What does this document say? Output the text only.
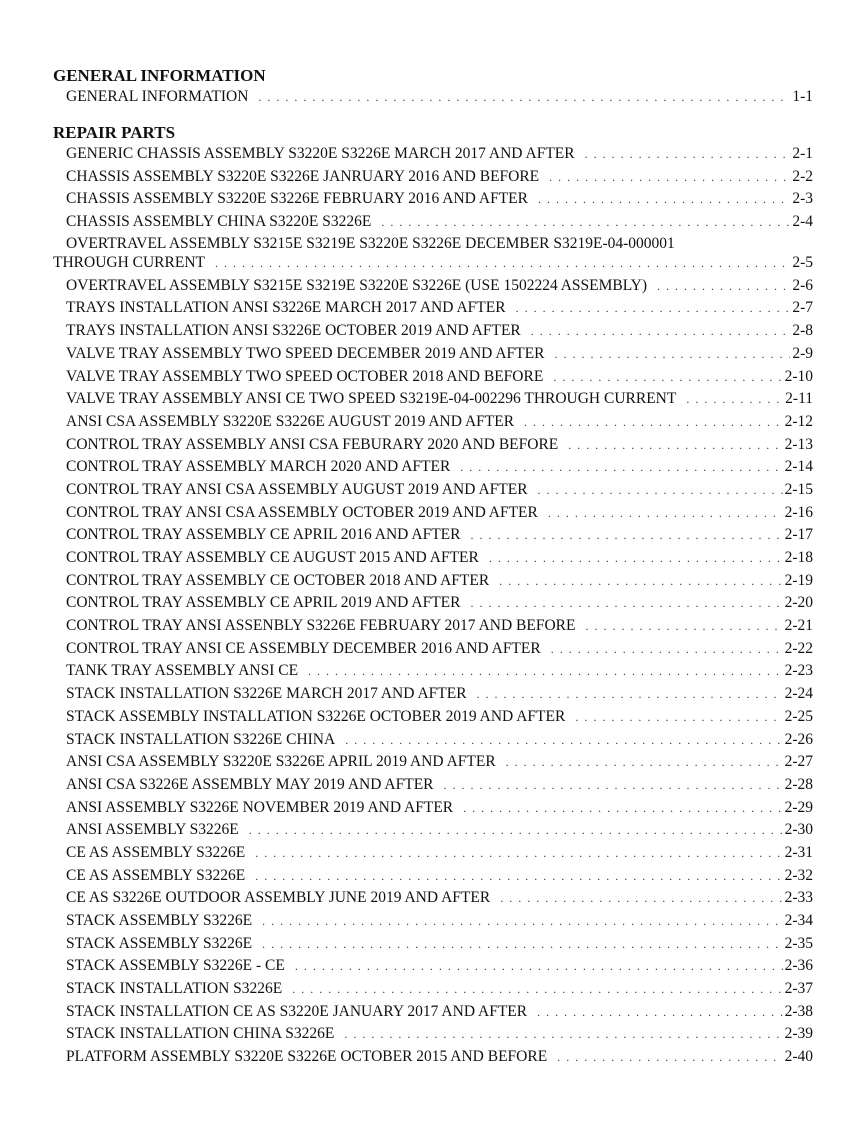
GENERAL INFORMATION
GENERAL INFORMATION . . .	1-1
REPAIR PARTS
GENERIC CHASSIS ASSEMBLY S3220E S3226E MARCH 2017 AND AFTER . . .	2-1
CHASSIS ASSEMBLY S3220E S3226E JANRUARY 2016 AND BEFORE . . .	2-2
CHASSIS ASSEMBLY S3220E S3226E FEBRUARY 2016 AND AFTER . . .	2-3
CHASSIS ASSEMBLY CHINA S3220E S3226E . . .	2-4
OVERTRAVEL ASSEMBLY S3215E S3219E S3220E S3226E DECEMBER S3219E-04-000001
THROUGH CURRENT . . .	2-5
OVERTRAVEL ASSEMBLY S3215E S3219E S3220E S3226E (USE 1502224 ASSEMBLY) . . .	2-6
TRAYS INSTALLATION ANSI S3226E MARCH 2017 AND AFTER . . .	2-7
TRAYS INSTALLATION ANSI S3226E OCTOBER 2019 AND AFTER . . .	2-8
VALVE TRAY ASSEMBLY TWO SPEED DECEMBER 2019 AND AFTER . . .	2-9
VALVE TRAY ASSEMBLY TWO SPEED OCTOBER 2018 AND BEFORE . . .	2-10
VALVE TRAY ASSEMBLY ANSI CE TWO SPEED S3219E-04-002296 THROUGH CURRENT . . .	2-11
ANSI CSA ASSEMBLY S3220E S3226E AUGUST 2019 AND AFTER . . .	2-12
CONTROL TRAY ASSEMBLY ANSI CSA FEBURARY 2020 AND BEFORE . . .	2-13
CONTROL TRAY ASSEMBLY MARCH 2020 AND AFTER . . .	2-14
CONTROL TRAY ANSI CSA ASSEMBLY AUGUST 2019 AND AFTER . . .	2-15
CONTROL TRAY ANSI CSA ASSEMBLY OCTOBER 2019 AND AFTER . . .	2-16
CONTROL TRAY ASSEMBLY CE APRIL 2016 AND AFTER . . .	2-17
CONTROL TRAY ASSEMBLY CE AUGUST 2015 AND AFTER . . .	2-18
CONTROL TRAY ASSEMBLY CE OCTOBER 2018 AND AFTER . . .	2-19
CONTROL TRAY ASSEMBLY CE APRIL 2019 AND AFTER . . .	2-20
CONTROL TRAY ANSI ASSENBLY S3226E FEBRUARY 2017 AND BEFORE . . .	2-21
CONTROL TRAY ANSI CE ASSEMBLY DECEMBER 2016 AND AFTER . . .	2-22
TANK TRAY ASSEMBLY ANSI CE . . .	2-23
STACK INSTALLATION S3226E MARCH 2017 AND AFTER . . .	2-24
STACK ASSEMBLY INSTALLATION S3226E OCTOBER 2019 AND AFTER . . .	2-25
STACK INSTALLATION S3226E CHINA . . .	2-26
ANSI CSA ASSEMBLY S3220E S3226E APRIL 2019 AND AFTER . . .	2-27
ANSI CSA S3226E ASSEMBLY MAY 2019 AND AFTER . . .	2-28
ANSI ASSEMBLY S3226E NOVEMBER 2019 AND AFTER . . .	2-29
ANSI ASSEMBLY S3226E . . .	2-30
CE AS ASSEMBLY S3226E . . .	2-31
CE AS ASSEMBLY S3226E . . .	2-32
CE AS S3226E OUTDOOR ASSEMBLY JUNE 2019 AND AFTER . . .	2-33
STACK ASSEMBLY S3226E . . .	2-34
STACK ASSEMBLY S3226E . . .	2-35
STACK ASSEMBLY S3226E - CE . . .	2-36
STACK INSTALLATION S3226E . . .	2-37
STACK INSTALLATION CE AS S3220E JANUARY 2017 AND AFTER . . .	2-38
STACK INSTALLATION CHINA S3226E . . .	2-39
PLATFORM ASSEMBLY S3220E S3226E OCTOBER 2015 AND BEFORE . . .	2-40
